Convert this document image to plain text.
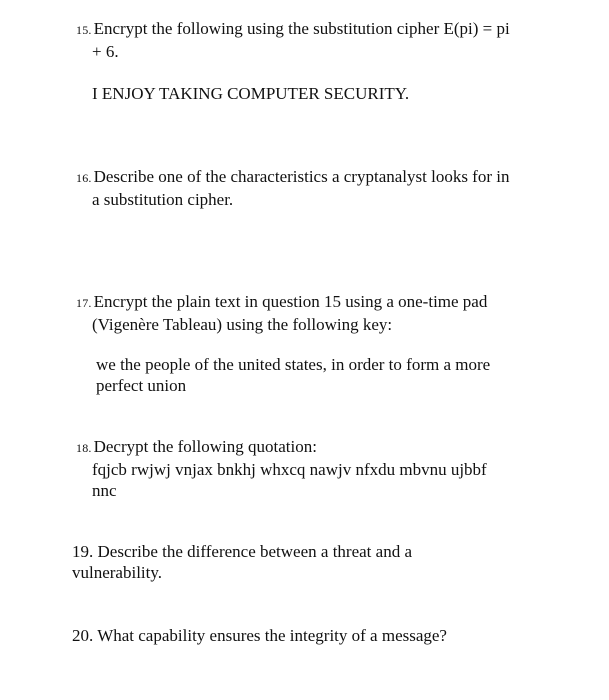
15. Encrypt the following using the substitution cipher E(pi) = pi
+ 6.
I ENJOY TAKING COMPUTER SECURITY.
16. Describe one of the characteristics a cryptanalyst looks for in
a substitution cipher.
17. Encrypt the plain text in question 15 using a one-time pad
(Vigenère Tableau) using the following key:
we the people of the united states, in order to form a more
perfect union
18. Decrypt the following quotation:
fqjcb rwjwj vnjax bnkhj whxcq nawjv nfxdu mbvnu ujbbf
nnc
19. Describe the difference between a threat and a
vulnerability.
20. What capability ensures the integrity of a message?
